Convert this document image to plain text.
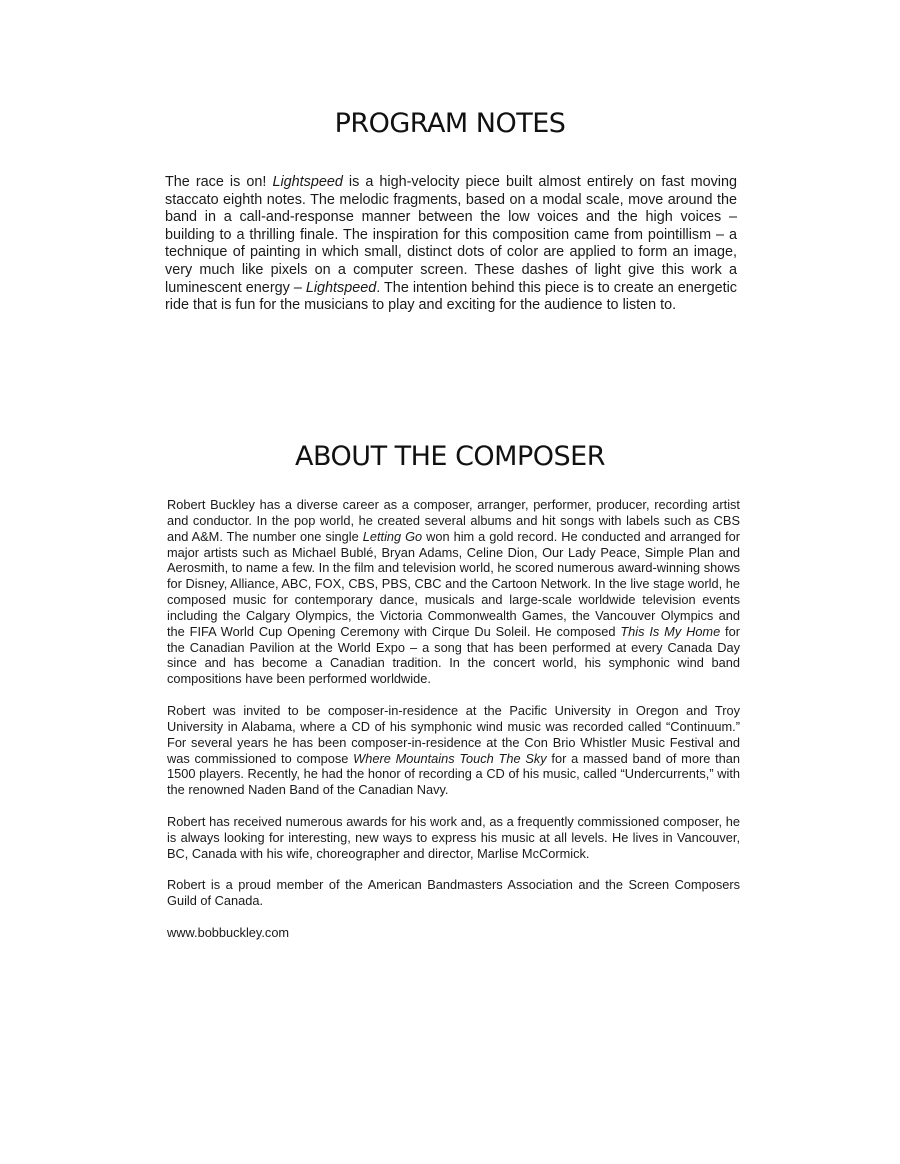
PROGRAM NOTES

The race is on! Lightspeed is a high-velocity piece built almost entirely on fast moving staccato eighth notes. The melodic fragments, based on a modal scale, move around the band in a call-and-response manner between the low voices and the high voices – building to a thrilling finale. The inspiration for this composition came from pointillism – a technique of painting in which small, distinct dots of color are applied to form an image, very much like pixels on a computer screen. These dashes of light give this work a luminescent energy – Lightspeed. The intention behind this piece is to create an energetic ride that is fun for the musicians to play and exciting for the audience to listen to.

ABOUT THE COMPOSER

Robert Buckley has a diverse career as a composer, arranger, performer, producer, recording artist and conductor. In the pop world, he created several albums and hit songs with labels such as CBS and A&M. The number one single Letting Go won him a gold record. He conducted and arranged for major artists such as Michael Bublé, Bryan Adams, Celine Dion, Our Lady Peace, Simple Plan and Aerosmith, to name a few. In the film and television world, he scored numerous award-winning shows for Disney, Alliance, ABC, FOX, CBS, PBS, CBC and the Cartoon Network. In the live stage world, he composed music for contemporary dance, musicals and large-scale worldwide television events including the Calgary Olympics, the Victoria Commonwealth Games, the Vancouver Olympics and the FIFA World Cup Opening Ceremony with Cirque Du Soleil. He composed This Is My Home for the Canadian Pavilion at the World Expo – a song that has been performed at every Canada Day since and has become a Canadian tradition. In the concert world, his symphonic wind band compositions have been performed worldwide.

Robert was invited to be composer-in-residence at the Pacific University in Oregon and Troy University in Alabama, where a CD of his symphonic wind music was recorded called “Continuum.” For several years he has been composer-in-residence at the Con Brio Whistler Music Festival and was commissioned to compose Where Mountains Touch The Sky for a massed band of more than 1500 players. Recently, he had the honor of recording a CD of his music, called “Undercurrents,” with the renowned Naden Band of the Canadian Navy.

Robert has received numerous awards for his work and, as a frequently commissioned composer, he is always looking for interesting, new ways to express his music at all levels. He lives in Vancouver, BC, Canada with his wife, choreographer and director, Marlise McCormick.

Robert is a proud member of the American Bandmasters Association and the Screen Composers Guild of Canada.

www.bobbuckley.com
